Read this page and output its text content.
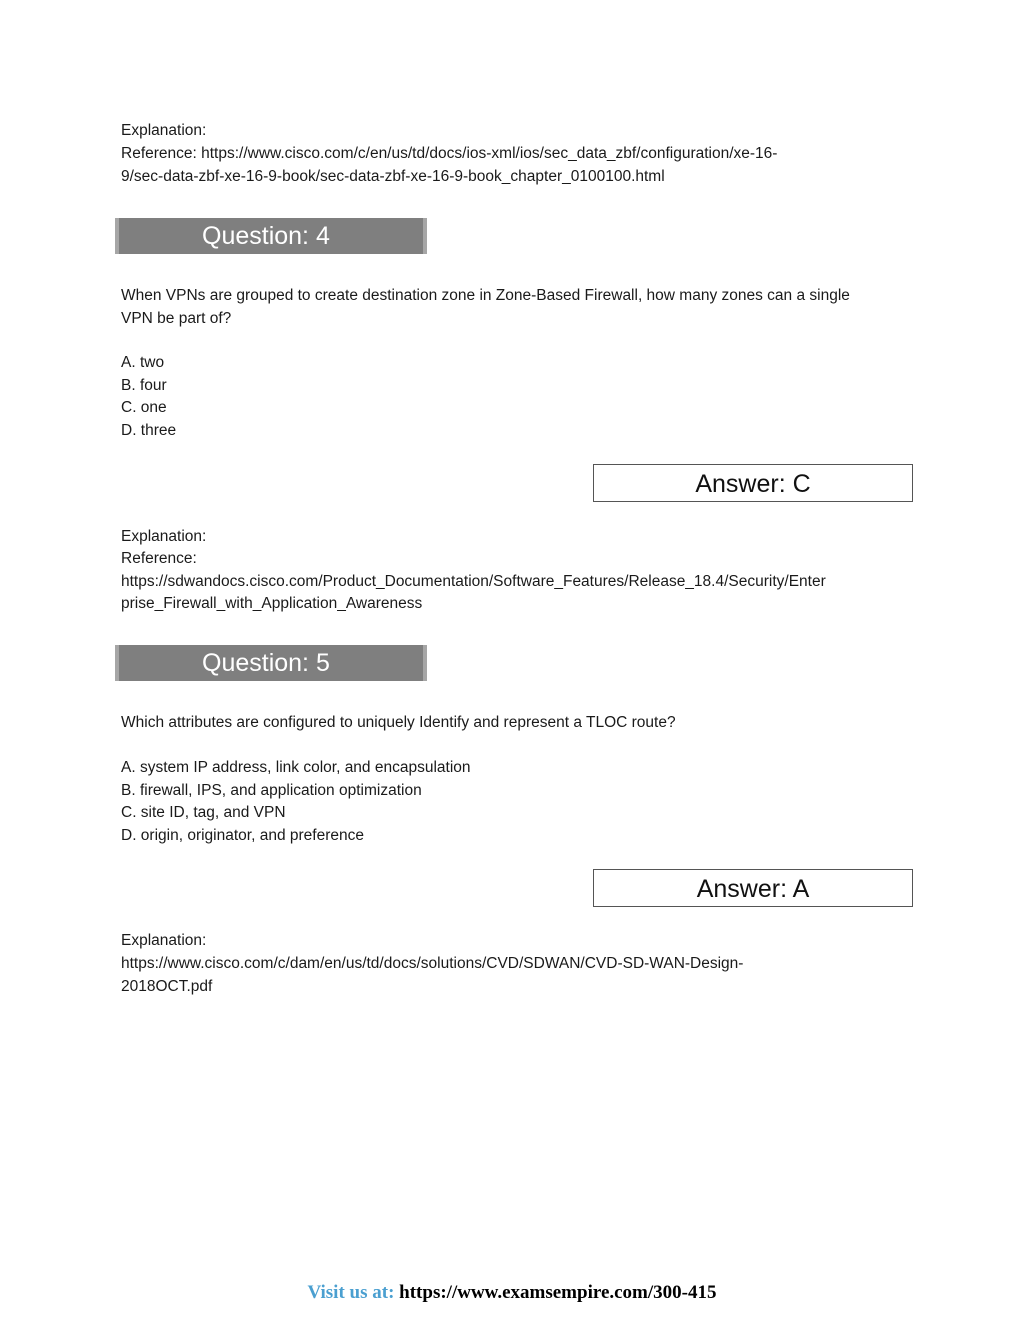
Explanation:

Reference: https://www.cisco.com/c/en/us/td/docs/ios-xml/ios/sec_data_zbf/configuration/xe-16-

9/sec-data-zbf-xe-16-9-book/sec-data-zbf-xe-16-9-book_chapter_0100100.html

Question: 4

When VPNs are grouped to create destination zone in Zone-Based Firewall, how many zones can a single

VPN be part of?

A. two

B. four

C. one

D. three

Answer: C

Explanation:

Reference:

https://sdwandocs.cisco.com/Product_Documentation/Software_Features/Release_18.4/Security/Enter

prise_Firewall_with_Application_Awareness

Question: 5

Which attributes are configured to uniquely Identify and represent a TLOC route?

A. system IP address, link color, and encapsulation

B. firewall, IPS, and application optimization

C. site ID, tag, and VPN

D. origin, originator, and preference

Answer: A

Explanation:

https://www.cisco.com/c/dam/en/us/td/docs/solutions/CVD/SDWAN/CVD-SD-WAN-Design-

2018OCT.pdf

Visit us at: https://www.examsempire.com/300-415
